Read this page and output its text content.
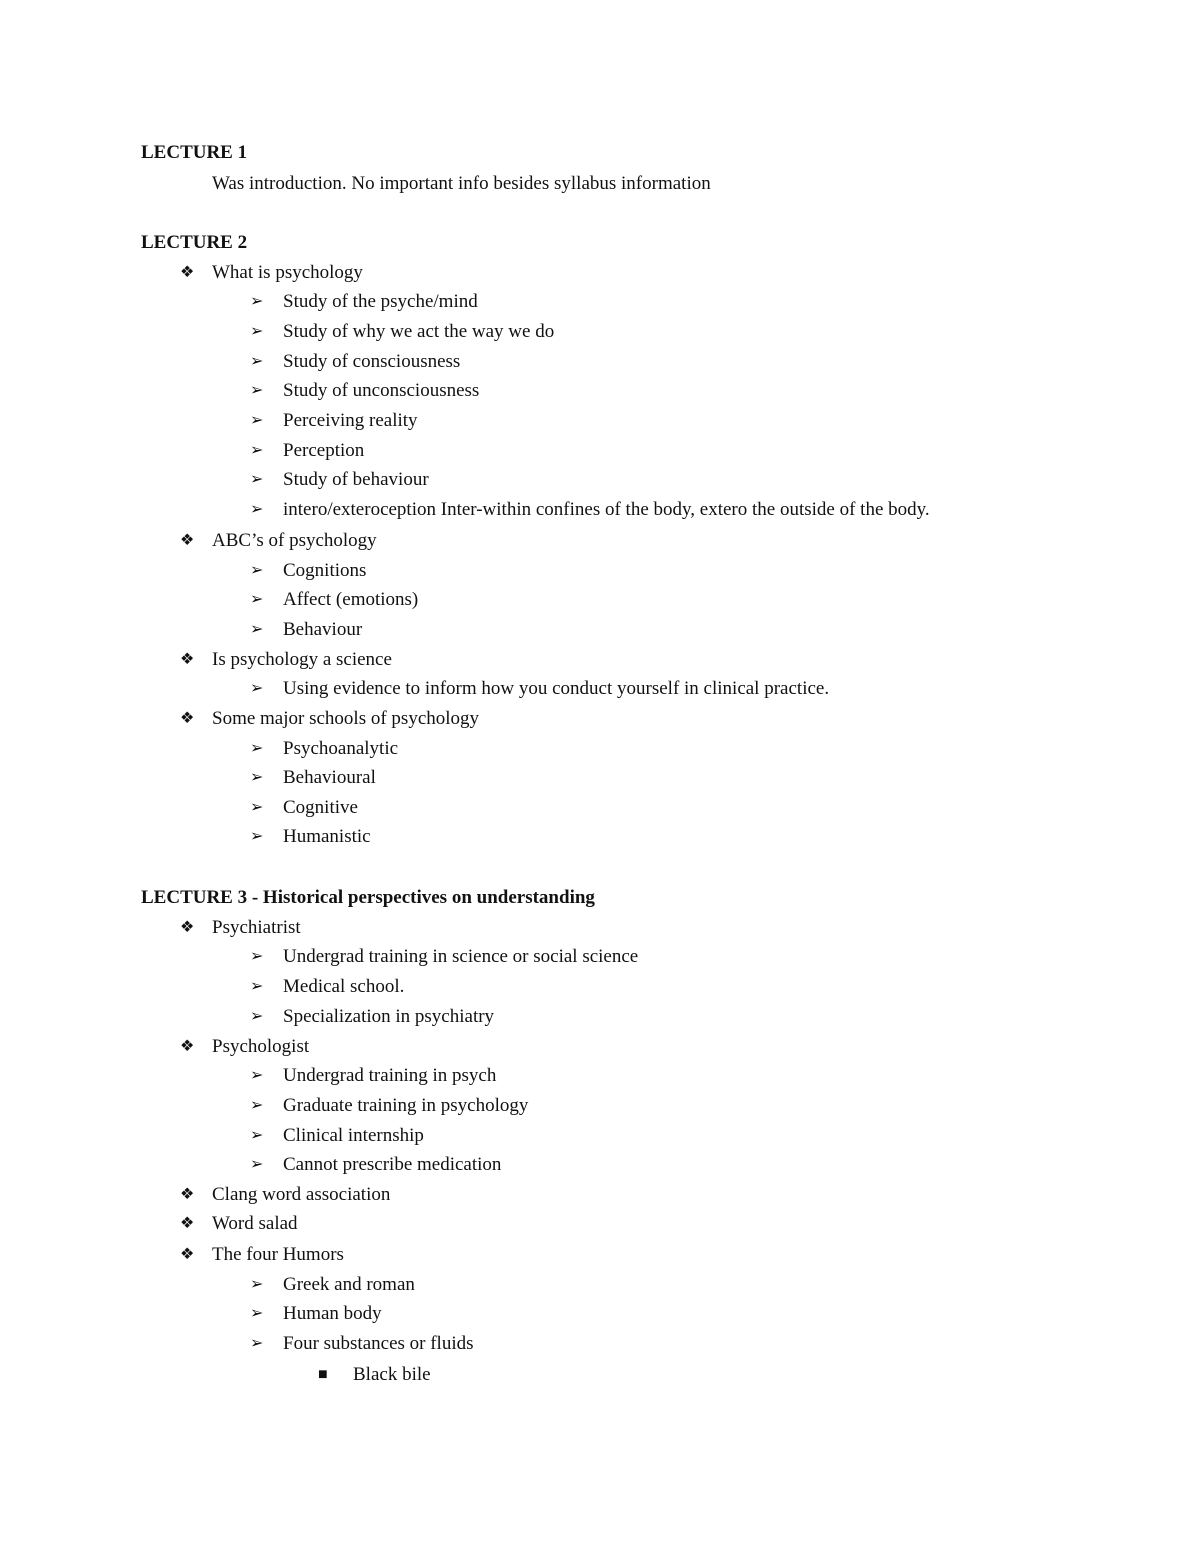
LECTURE 1
Was introduction. No important info besides syllabus information
LECTURE 2
❖ What is psychology
➢ Study of the psyche/mind
➢ Study of why we act the way we do
➢ Study of consciousness
➢ Study of unconsciousness
➢ Perceiving reality
➢ Perception
➢ Study of behaviour
➢ intero/exteroception Inter-within confines of the body, extero the outside of the body.
❖ ABC’s of psychology
➢ Cognitions
➢ Affect (emotions)
➢ Behaviour
❖ Is psychology a science
➢ Using evidence to inform how you conduct yourself in clinical practice.
❖ Some major schools of psychology
➢ Psychoanalytic
➢ Behavioural
➢ Cognitive
➢ Humanistic
LECTURE 3 - Historical perspectives on understanding
❖ Psychiatrist
➢ Undergrad training in science or social science
➢ Medical school.
➢ Specialization in psychiatry
❖ Psychologist
➢ Undergrad training in psych
➢ Graduate training in psychology
➢ Clinical internship
➢ Cannot prescribe medication
❖ Clang word association
❖ Word salad
❖ The four Humors
➢ Greek and roman
➢ Human body
➢ Four substances or fluids
■ Black bile
